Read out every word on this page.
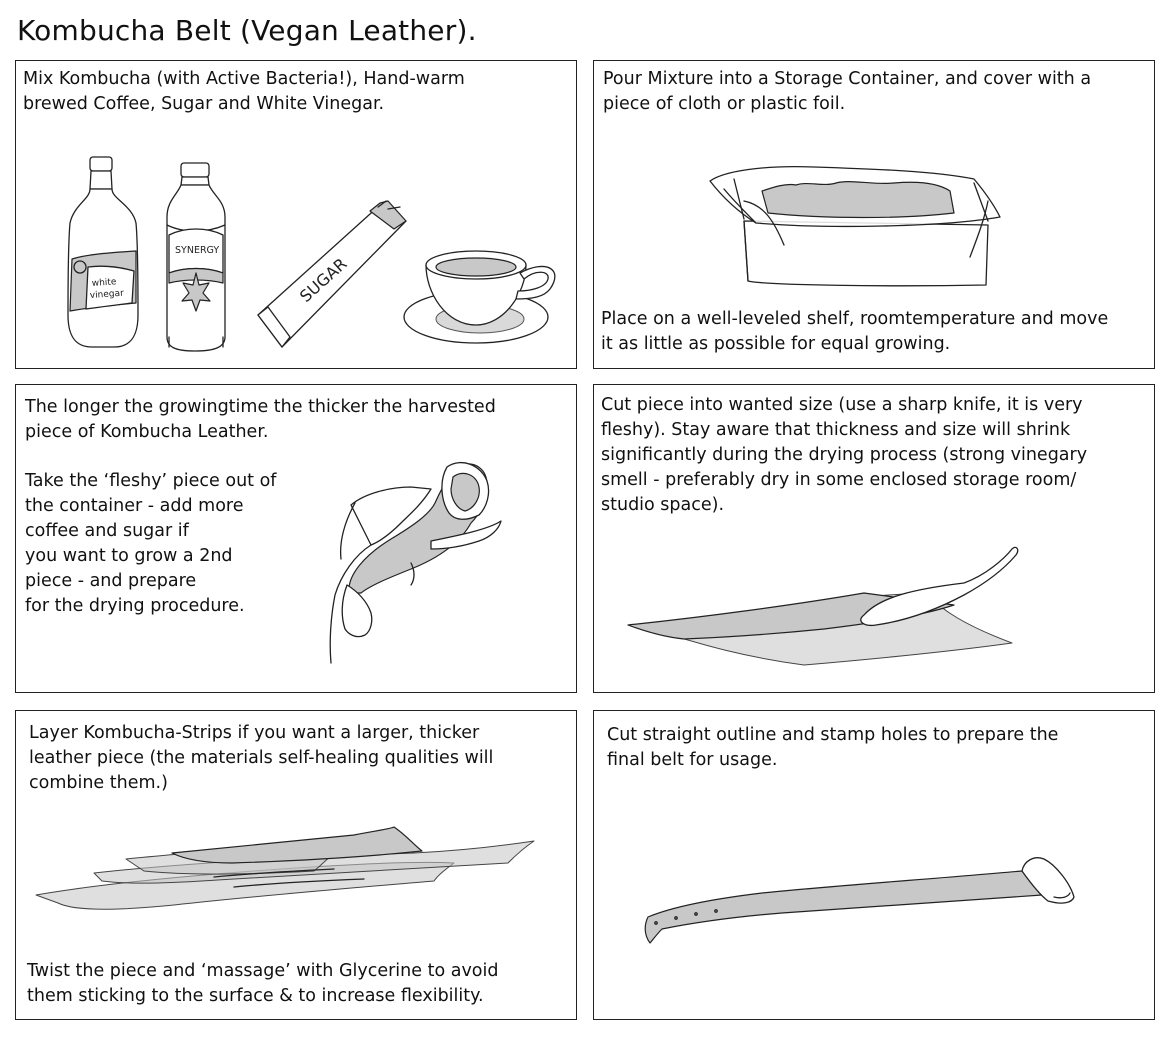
Kombucha Belt (Vegan Leather).
Mix Kombucha (with Active Bacteria!), Hand-warm
brewed Coffee, Sugar and White Vinegar.
white
vinegar
SYNERGY
SUGAR
Pour Mixture into a Storage Container, and cover with a
piece of cloth or plastic foil.
Place on a well-leveled shelf, roomtemperature and move
it as little as possible for equal growing.
The longer the growingtime the thicker the harvested
piece of Kombucha Leather.
Take the ‘fleshy’ piece out of
the container - add more
coffee and sugar if
you want to grow a 2nd
piece - and prepare
for the drying procedure.
Cut piece into wanted size (use a sharp knife, it is very
fleshy). Stay aware that thickness and size will shrink
significantly during the drying process (strong vinegary
smell - preferably dry in some enclosed storage room/
studio space).
Layer Kombucha-Strips if you want a larger, thicker
leather piece (the materials self-healing qualities will
combine them.)
Twist the piece and ‘massage’ with Glycerine to avoid
them sticking to the surface & to increase flexibility.
Cut straight outline and stamp holes to prepare the
final belt for usage.
